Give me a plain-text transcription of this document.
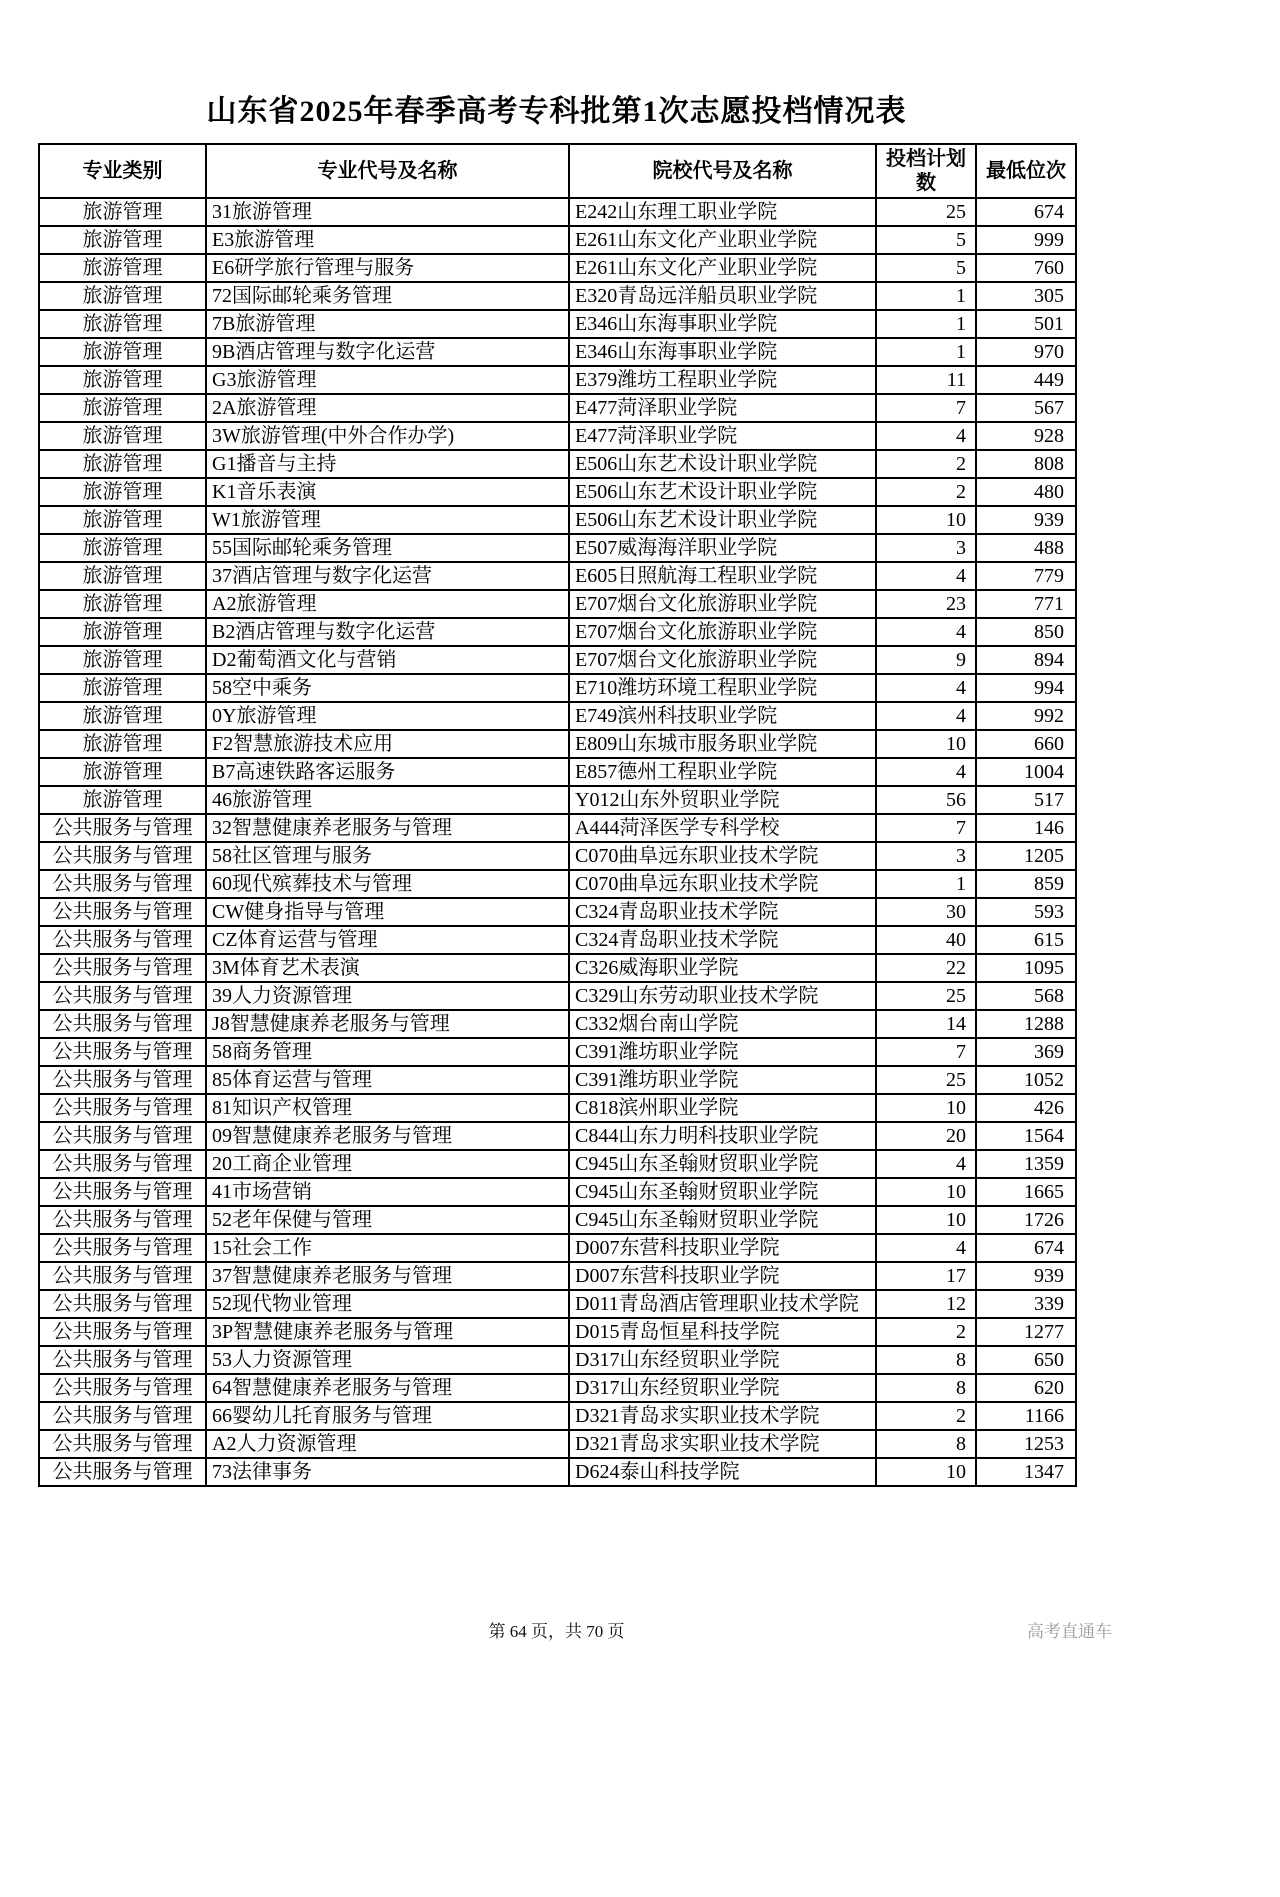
山东省2025年春季高考专科批第1次志愿投档情况表
专业类别	专业代号及名称	院校代号及名称	投档计划数	最低位次
旅游管理	31旅游管理	E242山东理工职业学院	25	674
旅游管理	E3旅游管理	E261山东文化产业职业学院	5	999
旅游管理	E6研学旅行管理与服务	E261山东文化产业职业学院	5	760
旅游管理	72国际邮轮乘务管理	E320青岛远洋船员职业学院	1	305
旅游管理	7B旅游管理	E346山东海事职业学院	1	501
旅游管理	9B酒店管理与数字化运营	E346山东海事职业学院	1	970
旅游管理	G3旅游管理	E379潍坊工程职业学院	11	449
旅游管理	2A旅游管理	E477菏泽职业学院	7	567
旅游管理	3W旅游管理(中外合作办学)	E477菏泽职业学院	4	928
旅游管理	G1播音与主持	E506山东艺术设计职业学院	2	808
旅游管理	K1音乐表演	E506山东艺术设计职业学院	2	480
旅游管理	W1旅游管理	E506山东艺术设计职业学院	10	939
旅游管理	55国际邮轮乘务管理	E507威海海洋职业学院	3	488
旅游管理	37酒店管理与数字化运营	E605日照航海工程职业学院	4	779
旅游管理	A2旅游管理	E707烟台文化旅游职业学院	23	771
旅游管理	B2酒店管理与数字化运营	E707烟台文化旅游职业学院	4	850
旅游管理	D2葡萄酒文化与营销	E707烟台文化旅游职业学院	9	894
旅游管理	58空中乘务	E710潍坊环境工程职业学院	4	994
旅游管理	0Y旅游管理	E749滨州科技职业学院	4	992
旅游管理	F2智慧旅游技术应用	E809山东城市服务职业学院	10	660
旅游管理	B7高速铁路客运服务	E857德州工程职业学院	4	1004
旅游管理	46旅游管理	Y012山东外贸职业学院	56	517
公共服务与管理	32智慧健康养老服务与管理	A444菏泽医学专科学校	7	146
公共服务与管理	58社区管理与服务	C070曲阜远东职业技术学院	3	1205
公共服务与管理	60现代殡葬技术与管理	C070曲阜远东职业技术学院	1	859
公共服务与管理	CW健身指导与管理	C324青岛职业技术学院	30	593
公共服务与管理	CZ体育运营与管理	C324青岛职业技术学院	40	615
公共服务与管理	3M体育艺术表演	C326威海职业学院	22	1095
公共服务与管理	39人力资源管理	C329山东劳动职业技术学院	25	568
公共服务与管理	J8智慧健康养老服务与管理	C332烟台南山学院	14	1288
公共服务与管理	58商务管理	C391潍坊职业学院	7	369
公共服务与管理	85体育运营与管理	C391潍坊职业学院	25	1052
公共服务与管理	81知识产权管理	C818滨州职业学院	10	426
公共服务与管理	09智慧健康养老服务与管理	C844山东力明科技职业学院	20	1564
公共服务与管理	20工商企业管理	C945山东圣翰财贸职业学院	4	1359
公共服务与管理	41市场营销	C945山东圣翰财贸职业学院	10	1665
公共服务与管理	52老年保健与管理	C945山东圣翰财贸职业学院	10	1726
公共服务与管理	15社会工作	D007东营科技职业学院	4	674
公共服务与管理	37智慧健康养老服务与管理	D007东营科技职业学院	17	939
公共服务与管理	52现代物业管理	D011青岛酒店管理职业技术学院	12	339
公共服务与管理	3P智慧健康养老服务与管理	D015青岛恒星科技学院	2	1277
公共服务与管理	53人力资源管理	D317山东经贸职业学院	8	650
公共服务与管理	64智慧健康养老服务与管理	D317山东经贸职业学院	8	620
公共服务与管理	66婴幼儿托育服务与管理	D321青岛求实职业技术学院	2	1166
公共服务与管理	A2人力资源管理	D321青岛求实职业技术学院	8	1253
公共服务与管理	73法律事务	D624泰山科技学院	10	1347
第 64 页，共 70 页	高考直通车
